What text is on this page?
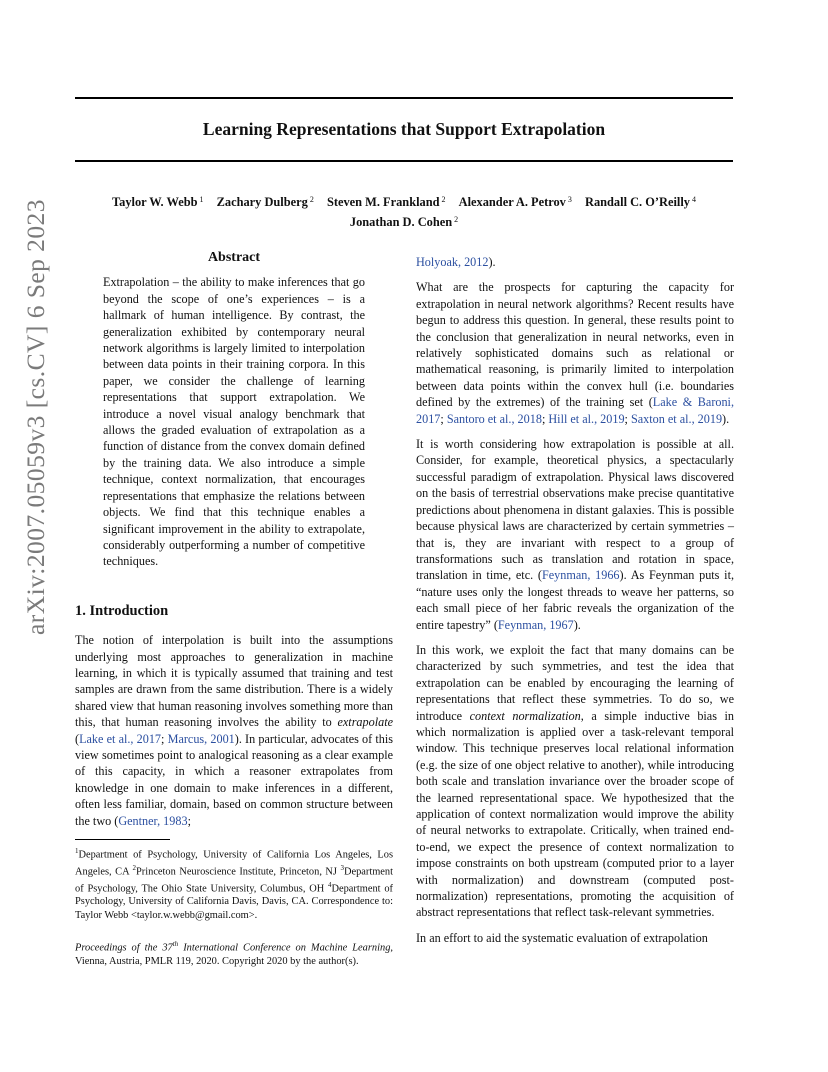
Learning Representations that Support Extrapolation
Taylor W. Webb $^1$ Zachary Dulberg $^2$ Steven M. Frankland $^2$ Alexander A. Petrov $^3$ Randall C. O’Reilly $^4$
Jonathan D. Cohen $^2$
arXiv:2007.05059v3 [cs.CV] 6 Sep 2023	Abstract

Extrapolation – the ability to make inferences that go beyond the scope of one’s experiences – is a hallmark of human intelligence. By contrast, the generalization exhibited by contemporary neural network algorithms is largely limited to interpolation between data points in their training corpora. In this paper, we consider the challenge of learning representations that support extrapolation. We introduce a novel visual analogy benchmark that allows the graded evaluation of extrapolation as a function of distance from the convex domain defined by the training data. We also introduce a simple technique, context normalization, that encourages representations that emphasize the relations between objects. We find that this technique enables a significant improvement in the ability to extrapolate, considerably outperforming a number of competitive techniques.

1. Introduction

The notion of interpolation is built into the assumptions underlying most approaches to generalization in machine learning, in which it is typically assumed that training and test samples are drawn from the same distribution. There is a widely shared view that human reasoning involves something more than this, that human reasoning involves the ability to extrapolate (Lake et al., 2017; Marcus, 2001). In particular, advocates of this view sometimes point to analogical reasoning as a clear example of this capacity, in which a reasoner extrapolates from knowledge in one domain to make inferences in a different, often less familiar, domain, based on common structure between the two (Gentner, 1983;

$^1$Department of Psychology, University of California Los Angeles, Los Angeles, CA $^2$Princeton Neuroscience Institute, Princeton, NJ $^3$Department of Psychology, The Ohio State University, Columbus, OH $^4$Department of Psychology, University of California Davis, Davis, CA. Correspondence to: Taylor Webb <taylor.w.webb@gmail.com>.

Proceedings of the 37th International Conference on Machine Learning, Vienna, Austria, PMLR 119, 2020. Copyright 2020 by the author(s).

Holyoak, 2012).

What are the prospects for capturing the capacity for extrapolation in neural network algorithms? Recent results have begun to address this question. In general, these results point to the conclusion that generalization in neural networks, even in relatively sophisticated domains such as relational or mathematical reasoning, is primarily limited to interpolation between data points within the convex hull (i.e. boundaries defined by the extremes) of the training set (Lake & Baroni, 2017; Santoro et al., 2018; Hill et al., 2019; Saxton et al., 2019).

It is worth considering how extrapolation is possible at all. Consider, for example, theoretical physics, a spectacularly successful paradigm of extrapolation. Physical laws discovered on the basis of terrestrial observations make precise quantitative predictions about phenomena in distant galaxies. This is possible because physical laws are characterized by certain symmetries – that is, they are invariant with respect to a group of transformations such as translation and rotation in space, translation in time, etc. (Feynman, 1966). As Feynman puts it, “nature uses only the longest threads to weave her patterns, so each small piece of her fabric reveals the organization of the entire tapestry” (Feynman, 1967).

In this work, we exploit the fact that many domains can be characterized by such symmetries, and test the idea that extrapolation can be enabled by encouraging the learning of representations that reflect these symmetries. To do so, we introduce context normalization, a simple inductive bias in which normalization is applied over a task-relevant temporal window. This technique preserves local relational information (e.g. the size of one object relative to another), while introducing both scale and translation invariance over the broader scope of the learned representational space. We hypothesized that the application of context normalization would improve the ability of neural networks to extrapolate. Critically, when trained end-to-end, we expect the presence of context normalization to impose constraints on both upstream (computed prior to a layer with normalization) and downstream (computed post-normalization) representations, promoting the acquisition of abstract representations that reflect task-relevant symmetries.

In an effort to aid the systematic evaluation of extrapolation
